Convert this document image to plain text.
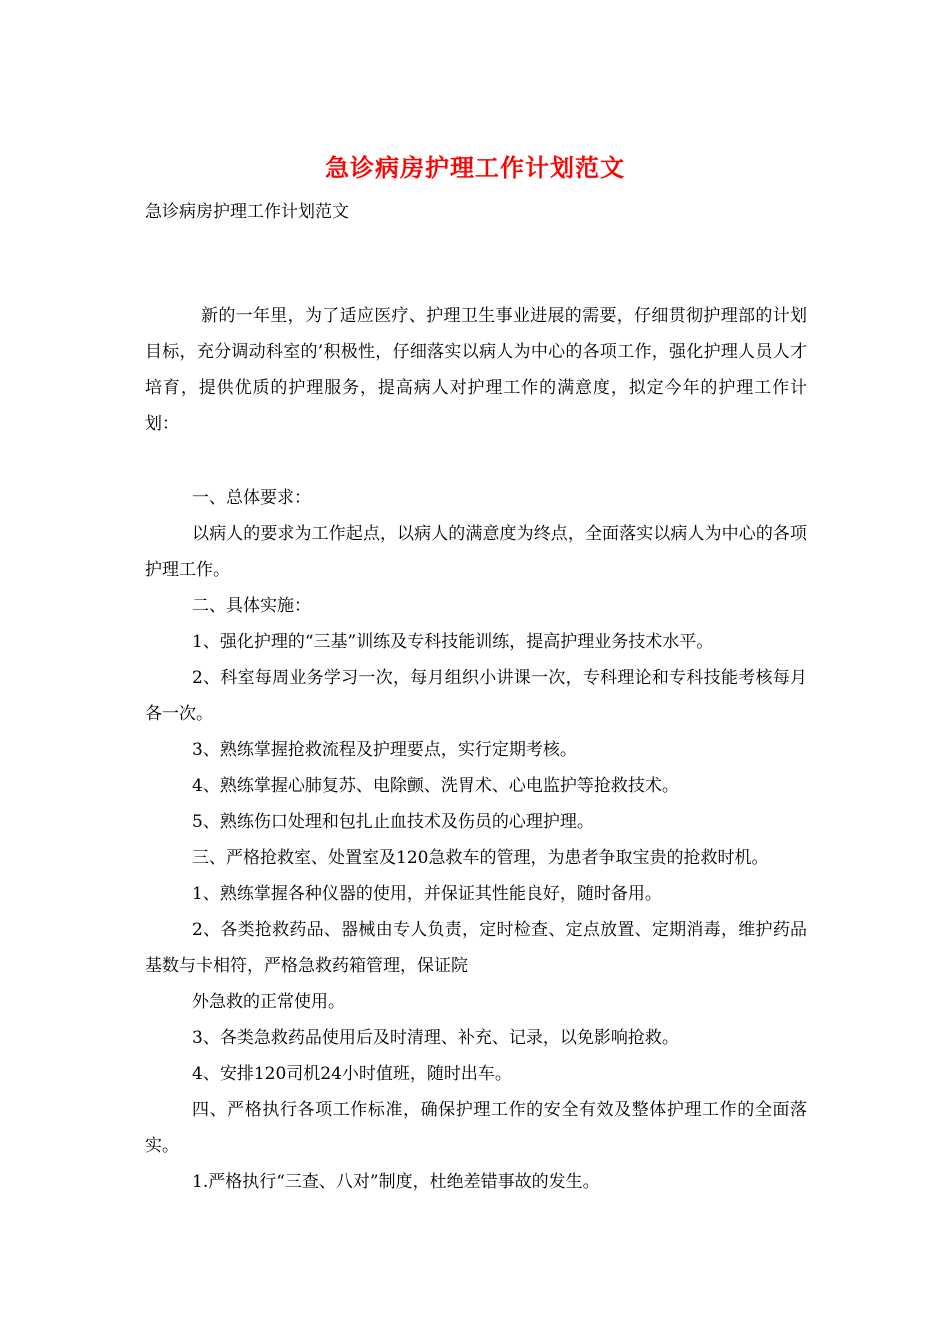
急诊病房护理工作计划范文
急诊病房护理工作计划范文

新的一年里，为了适应医疗、护理卫生事业进展的需要，仔细贯彻护理部的计划目标，充分调动科室的’积极性，仔细落实以病人为中心的各项工作，强化护理人员人才培育，提供优质的护理服务，提高病人对护理工作的满意度，拟定今年的护理工作计划：

一、总体要求：

以病人的要求为工作起点，以病人的满意度为终点，全面落实以病人为中心的各项护理工作。

二、具体实施：

1、强化护理的“三基”训练及专科技能训练，提高护理业务技术水平。

2、科室每周业务学习一次，每月组织小讲课一次，专科理论和专科技能考核每月各一次。

3、熟练掌握抢救流程及护理要点，实行定期考核。

4、熟练掌握心肺复苏、电除颤、洗胃术、心电监护等抢救技术。

5、熟练伤口处理和包扎止血技术及伤员的心理护理。

三、严格抢救室、处置室及120急救车的管理，为患者争取宝贵的抢救时机。

1、熟练掌握各种仪器的使用，并保证其性能良好，随时备用。

2、各类抢救药品、器械由专人负责，定时检查、定点放置、定期消毒，维护药品基数与卡相符，严格急救药箱管理，保证院

外急救的正常使用。

3、各类急救药品使用后及时清理、补充、记录，以免影响抢救。

4、安排120司机24小时值班，随时出车。

四、严格执行各项工作标准，确保护理工作的安全有效及整体护理工作的全面落实。

1.严格执行“三查、八对”制度，杜绝差错事故的发生。
